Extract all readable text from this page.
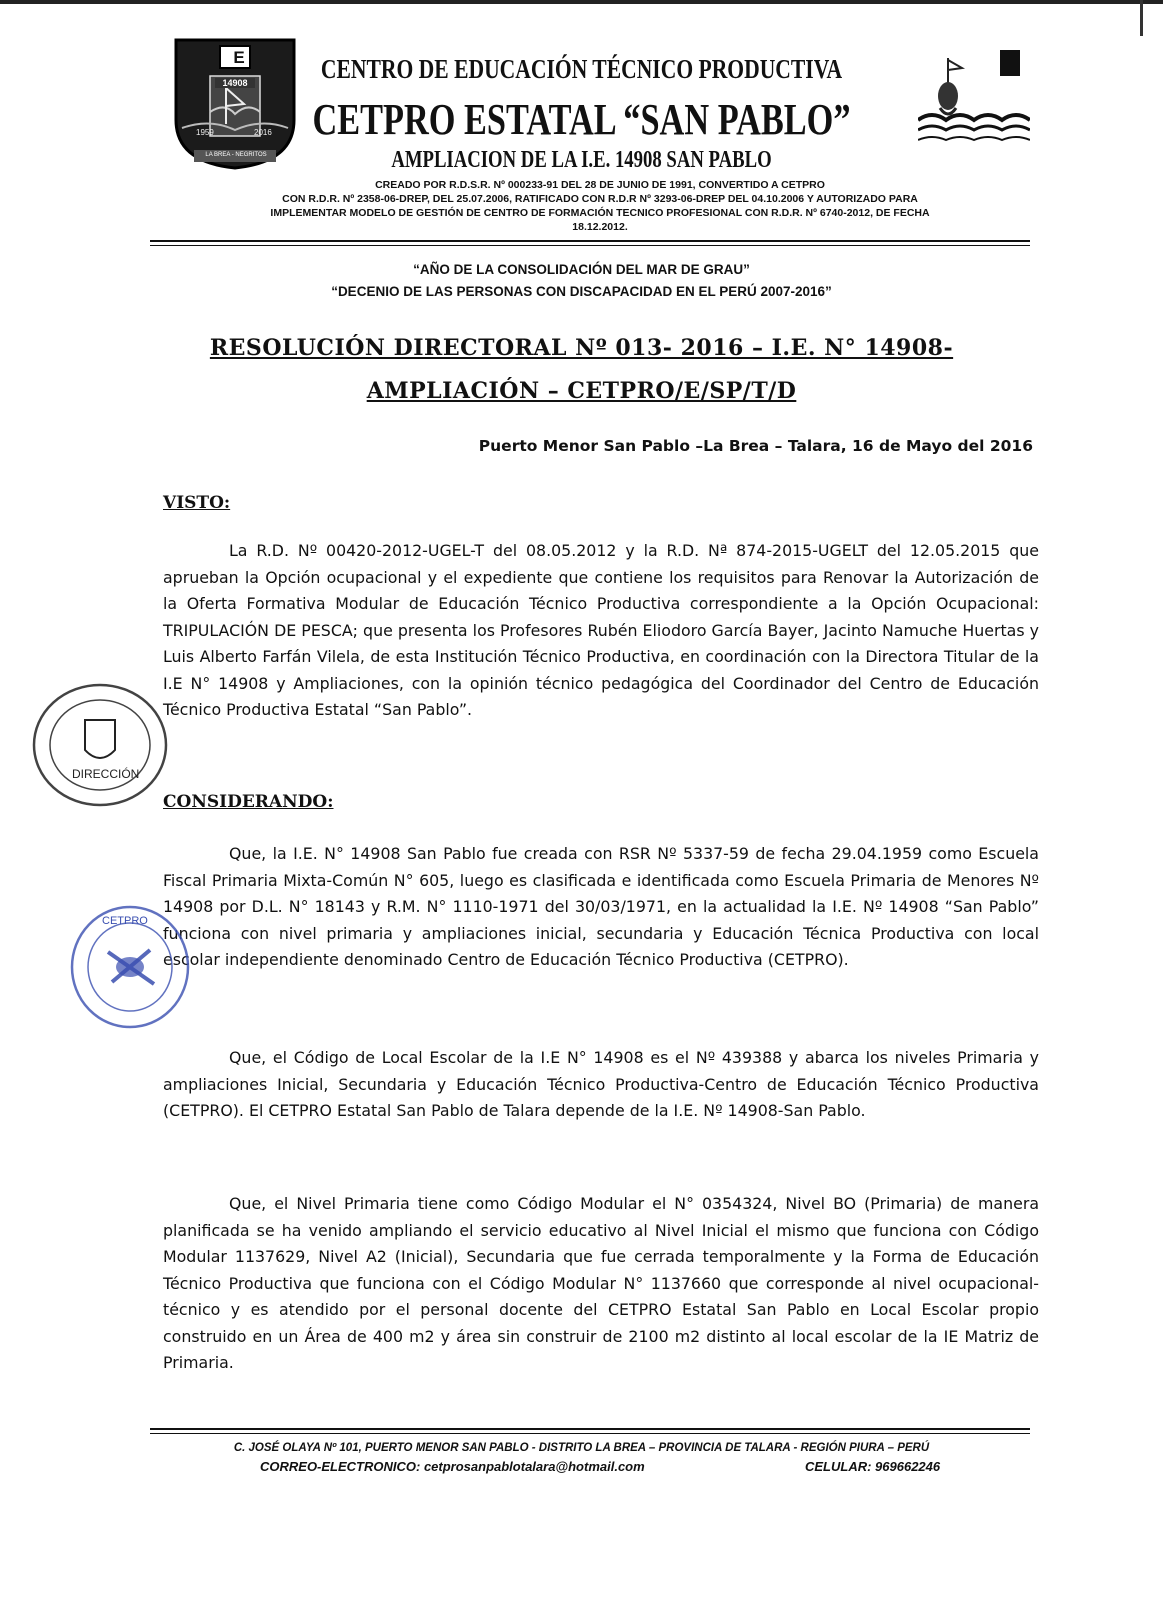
E
14908
1959	2016
LA BREA - NEGRITOS
CENTRO DE EDUCACIÓN TÉCNICO PRODUCTIVA
CETPRO ESTATAL “SAN PABLO”
AMPLIACION DE LA I.E. 14908 SAN PABLO
CREADO POR R.D.S.R. Nº 000233-91 DEL 28 DE JUNIO DE 1991, CONVERTIDO A CETPRO
CON R.D.R. Nº 2358-06-DREP, DEL 25.07.2006, RATIFICADO CON R.D.R Nº 3293-06-DREP DEL 04.10.2006 Y AUTORIZADO PARA
IMPLEMENTAR MODELO DE GESTIÓN DE CENTRO DE FORMACIÓN TECNICO PROFESIONAL CON R.D.R. Nº 6740-2012, DE FECHA
18.12.2012.
“AÑO DE LA CONSOLIDACIÓN DEL MAR DE GRAU”
“DECENIO DE LAS PERSONAS CON DISCAPACIDAD EN EL PERÚ 2007-2016”
RESOLUCIÓN DIRECTORAL Nº 013- 2016 – I.E. N° 14908-
AMPLIACIÓN – CETPRO/E/SP/T/D
Puerto Menor San Pablo –La Brea – Talara, 16 de Mayo del 2016
VISTO:
La R.D. Nº 00420-2012-UGEL-T del 08.05.2012 y la R.D. Nª 874-2015-UGELT del 12.05.2015 que aprueban la Opción ocupacional y el expediente que contiene los requisitos para Renovar la Autorización de la Oferta Formativa Modular de Educación Técnico Productiva correspondiente a la Opción Ocupacional: TRIPULACIÓN DE PESCA; que presenta los Profesores Rubén Eliodoro García Bayer, Jacinto Namuche Huertas y Luis Alberto Farfán Vilela, de esta Institución Técnico Productiva, en coordinación con la Directora Titular de la I.E N° 14908 y Ampliaciones, con la opinión técnico pedagógica del Coordinador del Centro de Educación Técnico Productiva Estatal “San Pablo”.
CONSIDERANDO:
Que, la I.E. N° 14908 San Pablo fue creada con RSR Nº 5337-59 de fecha 29.04.1959 como Escuela Fiscal Primaria Mixta-Común N° 605, luego es clasificada e identificada como Escuela Primaria de Menores Nº 14908 por D.L. N° 18143 y R.M. N° 1110-1971 del 30/03/1971, en la actualidad la I.E. Nº 14908 “San Pablo” funciona con nivel primaria y ampliaciones inicial, secundaria y Educación Técnica Productiva con local escolar independiente denominado Centro de Educación Técnico Productiva (CETPRO).
Que, el Código de Local Escolar de la I.E N° 14908 es el Nº 439388 y abarca los niveles Primaria y ampliaciones Inicial, Secundaria y Educación Técnico Productiva-Centro de Educación Técnico Productiva (CETPRO). El CETPRO Estatal San Pablo de Talara depende de la I.E. Nº 14908-San Pablo.
Que, el Nivel Primaria tiene como Código Modular el N° 0354324, Nivel BO (Primaria) de manera planificada se ha venido ampliando el servicio educativo al Nivel Inicial el mismo que funciona con Código Modular 1137629, Nivel A2 (Inicial), Secundaria que fue cerrada temporalmente y la Forma de Educación Técnico Productiva que funciona con el Código Modular N° 1137660 que corresponde al nivel ocupacional-técnico y es atendido por el personal docente del CETPRO Estatal San Pablo en Local Escolar propio construido en un Área de 400 m2 y área sin construir de 2100 m2 distinto al local escolar de la IE Matriz de Primaria.
DIRECCIÓN
CETPRO
C. JOSÉ OLAYA Nº 101, PUERTO MENOR SAN PABLO - DISTRITO LA BREA – PROVINCIA DE TALARA - REGIÓN PIURA – PERÚ
CORREO-ELECTRONICO: cetprosanpablotalara@hotmail.com	CELULAR: 969662246
